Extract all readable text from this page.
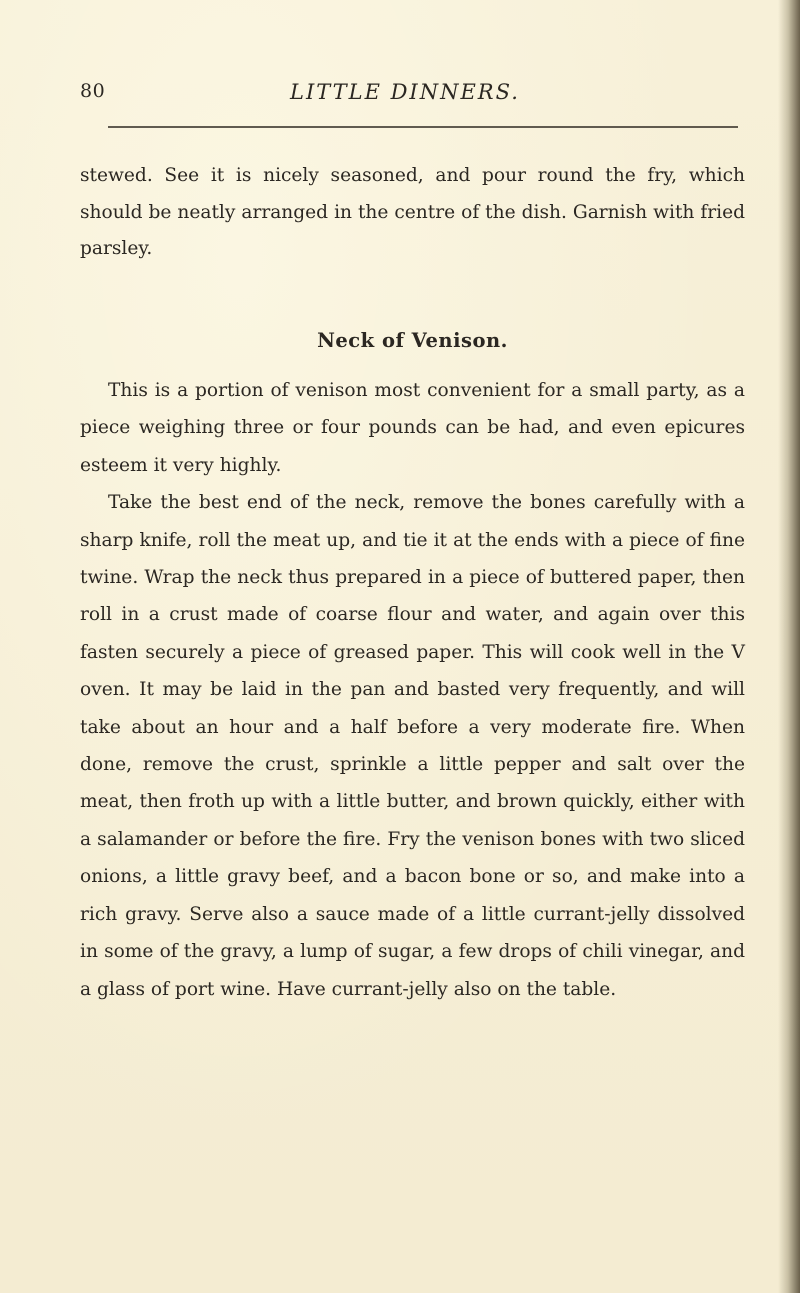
80	LITTLE DINNERS.

stewed. See it is nicely seasoned, and pour round the fry, which should be neatly arranged in the centre of the dish. Garnish with fried parsley.

Neck of Venison.

This is a portion of venison most convenient for a small party, as a piece weighing three or four pounds can be had, and even epicures esteem it very highly.

Take the best end of the neck, remove the bones carefully with a sharp knife, roll the meat up, and tie it at the ends with a piece of fine twine. Wrap the neck thus prepared in a piece of buttered paper, then roll in a crust made of coarse flour and water, and again over this fasten securely a piece of greased paper. This will cook well in the V oven. It may be laid in the pan and basted very frequently, and will take about an hour and a half before a very moderate fire. When done, remove the crust, sprinkle a little pepper and salt over the meat, then froth up with a little butter, and brown quickly, either with a salamander or before the fire. Fry the venison bones with two sliced onions, a little gravy beef, and a bacon bone or so, and make into a rich gravy. Serve also a sauce made of a little currant-jelly dissolved in some of the gravy, a lump of sugar, a few drops of chili vinegar, and a glass of port wine. Have currant-jelly also on the table.
